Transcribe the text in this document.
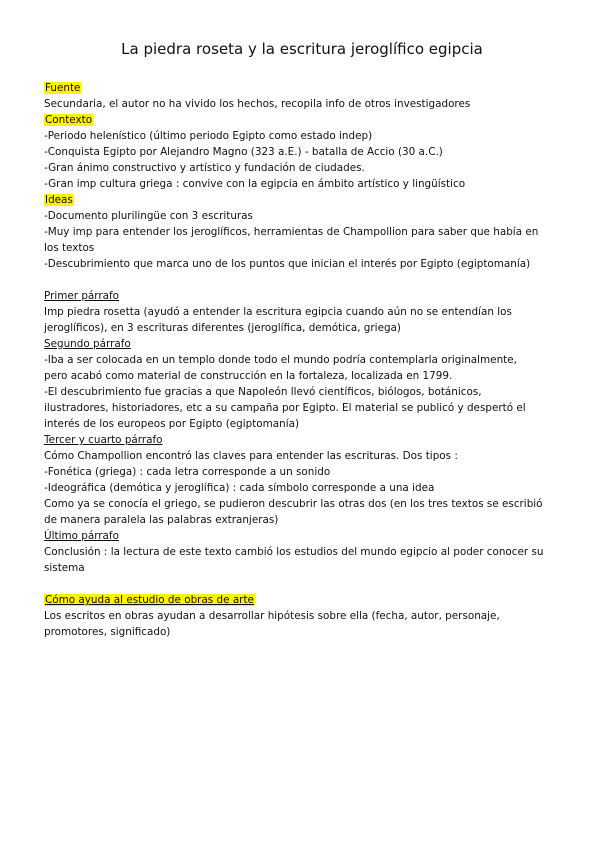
La piedra roseta y la escritura jeroglífico egipcia

Fuente

Secundaria, el autor no ha vivido los hechos, recopila info de otros investigadores

Contexto

-Periodo helenístico (último periodo Egipto como estado indep)

-Conquista Egipto por Alejandro Magno (323 a.E.) - batalla de Accio (30 a.C.)

-Gran ánimo constructivo y artístico y fundación de ciudades.

-Gran imp cultura griega : convive con la egipcia en ámbito artístico y lingüístico

Ideas

-Documento plurilingüe con 3 escrituras

-Muy imp para entender los jeroglíficos, herramientas de Champollion para saber que había en

los textos

-Descubrimiento que marca uno de los puntos que inician el interés por Egipto (egiptomanía)

Primer párrafo

Imp piedra rosetta (ayudó a entender la escritura egipcia cuando aún no se entendían los

jeroglíficos), en 3 escrituras diferentes (jeroglífica, demótica, griega)

Segundo párrafo

-Iba a ser colocada en un templo donde todo el mundo podría contemplarla originalmente,

pero acabó como material de construcción en la fortaleza, localizada en 1799.

-El descubrimiento fue gracias a que Napoleón llevó científicos, biólogos, botánicos,

ilustradores, historiadores, etc a su campaña por Egipto. El material se publicó y despertó el

interés de los europeos por Egipto (egiptomanía)

Tercer y cuarto párrafo

Cómo Champollion encontró las claves para entender las escrituras. Dos tipos :

-Fonética (griega) : cada letra corresponde a un sonido

-Ideográfica (demótica y jeroglífica) : cada símbolo corresponde a una idea

Como ya se conocía el griego, se pudieron descubrir las otras dos (en los tres textos se escribió

de manera paralela las palabras extranjeras)

Último párrafo

Conclusión : la lectura de este texto cambió los estudios del mundo egipcio al poder conocer su

sistema

Cómo ayuda al estudio de obras de arte

Los escritos en obras ayudan a desarrollar hipótesis sobre ella (fecha, autor, personaje,

promotores, significado)
